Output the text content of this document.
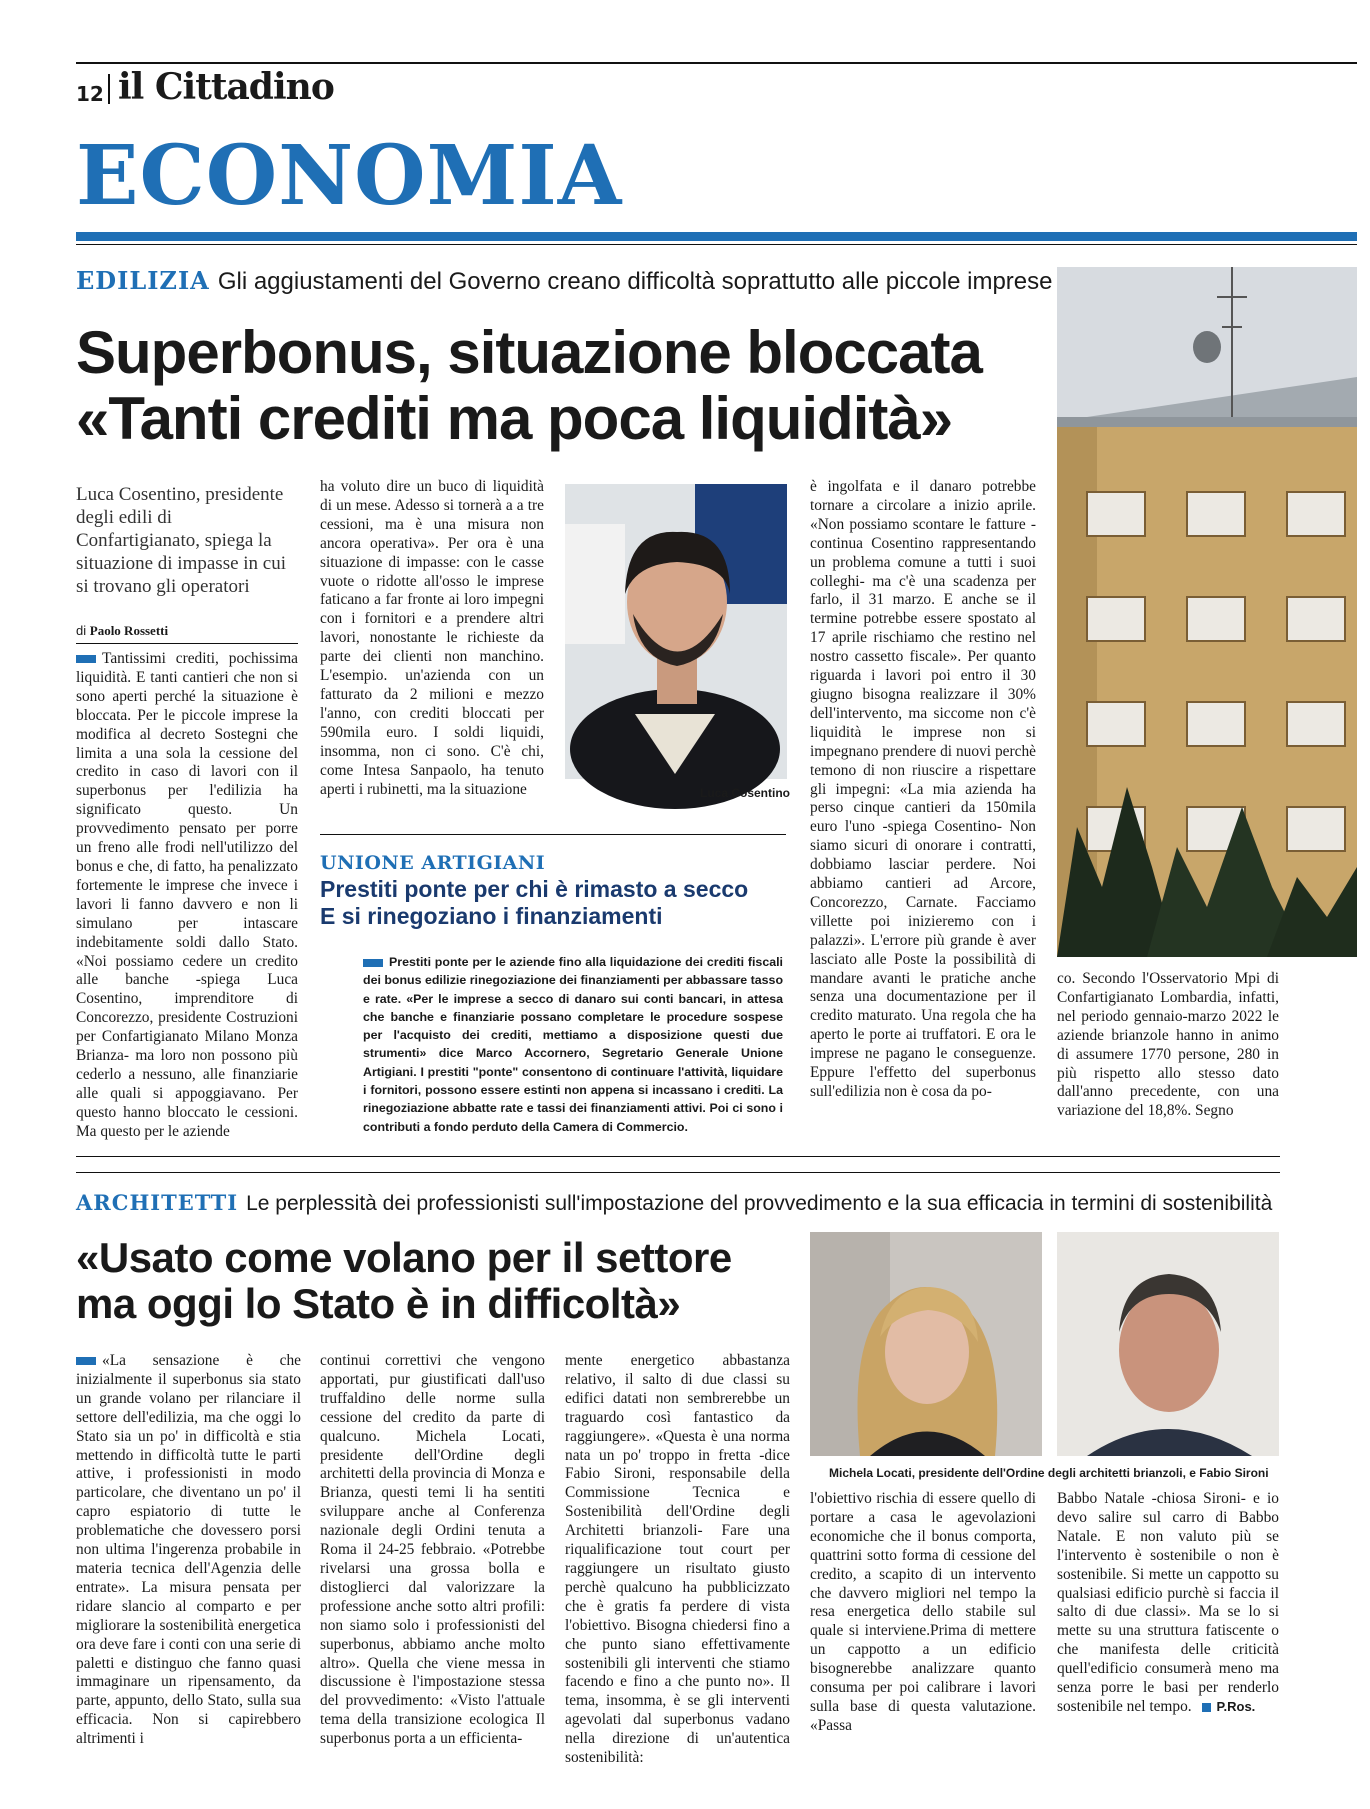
12 il Cittadino
ECONOMIA
EDILIZIA Gli aggiustamenti del Governo creano difficoltà soprattutto alle piccole imprese
Superbonus, situazione bloccata
«Tanti crediti ma poca liquidità»
Luca Cosentino, presidente degli edili di Confartigianato, spiega la situazione di impasse in cui si trovano gli operatori
di Paolo Rossetti
Tantissimi crediti, pochissima liquidità. E tanti cantieri che non si sono aperti perché la situazione è bloccata. Per le piccole imprese la modifica al decreto Sostegni che limita a una sola la cessione del credito in caso di lavori con il superbonus per l'edilizia ha significato questo. Un provvedimento pensato per porre un freno alle frodi nell'utilizzo del bonus e che, di fatto, ha penalizzato fortemente le imprese che invece i lavori li fanno davvero e non li simulano per intascare indebitamente soldi dallo Stato. «Noi possiamo cedere un credito alle banche -spiega Luca Cosentino, imprenditore di Concorezzo, presidente Costruzioni per Confartigianato Milano Monza Brianza- ma loro non possono più cederlo a nessuno, alle finanziarie alle quali si appoggiavano. Per questo hanno bloccato le cessioni. Ma questo per le aziende
ha voluto dire un buco di liquidità di un mese. Adesso si tornerà a a tre cessioni, ma è una misura non ancora operativa». Per ora è una situazione di impasse: con le casse vuote o ridotte all'osso le imprese faticano a far fronte ai loro impegni con i fornitori e a prendere altri lavori, nonostante le richieste da parte dei clienti non manchino. L'esempio. un'azienda con un fatturato da 2 milioni e mezzo l'anno, con crediti bloccati per 590mila euro. I soldi liquidi, insomma, non ci sono. C'è chi, come Intesa Sanpaolo, ha tenuto aperti i rubinetti, ma la situazione	Luca Cosentino
è ingolfata e il danaro potrebbe tornare a circolare a inizio aprile. «Non possiamo scontare le fatture -continua Cosentino rappresentando un problema comune a tutti i suoi colleghi- ma c'è una scadenza per farlo, il 31 marzo. E anche se il termine potrebbe essere spostato al 17 aprile rischiamo che restino nel nostro cassetto fiscale». Per quanto riguarda i lavori poi entro il 30 giugno bisogna realizzare il 30% dell'intervento, ma siccome non c'è liquidità le imprese non si impegnano prendere di nuovi perchè temono di non riuscire a rispettare gli impegni: «La mia azienda ha perso cinque cantieri da 150mila euro l'uno -spiega Cosentino- Non siamo sicuri di onorare i contratti, dobbiamo lasciar perdere. Noi abbiamo cantieri ad Arcore, Concorezzo, Carnate. Facciamo villette poi inizieremo con i palazzi». L'errore più grande è aver lasciato alle Poste la possibilità di mandare avanti le pratiche anche senza una documentazione per il credito maturato. Una regola che ha aperto le porte ai truffatori. E ora le imprese ne pagano le conseguenze. Eppure l'effetto del superbonus sull'edilizia non è cosa da po-
co. Secondo l'Osservatorio Mpi di Confartigianato Lombardia, infatti, nel periodo gennaio-marzo 2022 le aziende brianzole hanno in animo di assumere 1770 persone, 280 in più rispetto allo stesso dato dall'anno precedente, con una variazione del 18,8%. Segno
UNIONE ARTIGIANI
Prestiti ponte per chi è rimasto a secco
E si rinegoziano i finanziamenti
Prestiti ponte per le aziende fino alla liquidazione dei crediti fiscali dei bonus edilizie rinegoziazione dei finanziamenti per abbassare tasso e rate. «Per le imprese a secco di danaro sui conti bancari, in attesa che banche e finanziarie possano completare le procedure sospese per l'acquisto dei crediti, mettiamo a disposizione questi due strumenti» dice Marco Accornero, Segretario Generale Unione Artigiani. I prestiti "ponte" consentono di continuare l'attività, liquidare i fornitori, possono essere estinti non appena si incassano i crediti. La rinegoziazione abbatte rate e tassi dei finanziamenti attivi. Poi ci sono i contributi a fondo perduto della Camera di Commercio.
ARCHITETTI Le perplessità dei professionisti sull'impostazione del provvedimento e la sua efficacia in termini di sostenibilità
«Usato come volano per il settore
ma oggi lo Stato è in difficoltà»
«La sensazione è che inizialmente il superbonus sia stato un grande volano per rilanciare il settore dell'edilizia, ma che oggi lo Stato sia un po' in difficoltà e stia mettendo in difficoltà tutte le parti attive, i professionisti in modo particolare, che diventano un po' il capro espiatorio di tutte le problematiche che dovessero porsi non ultima l'ingerenza probabile in materia tecnica dell'Agenzia delle entrate». La misura pensata per ridare slancio al comparto e per migliorare la sostenibilità energetica ora deve fare i conti con una serie di paletti e distinguo che fanno quasi immaginare un ripensamento, da parte, appunto, dello Stato, sulla sua efficacia. Non si capirebbero altrimenti i
continui correttivi che vengono apportati, pur giustificati dall'uso truffaldino delle norme sulla cessione del credito da parte di qualcuno. Michela Locati, presidente dell'Ordine degli architetti della provincia di Monza e Brianza, questi temi li ha sentiti sviluppare anche al Conferenza nazionale degli Ordini tenuta a Roma il 24-25 febbraio. «Potrebbe rivelarsi una grossa bolla e distoglierci dal valorizzare la professione anche sotto altri profili: non siamo solo i professionisti del superbonus, abbiamo anche molto altro». Quella che viene messa in discussione è l'impostazione stessa del provvedimento: «Visto l'attuale tema della transizione ecologica Il superbonus porta a un efficienta-
mente energetico abbastanza relativo, il salto di due classi su edifici datati non sembrerebbe un traguardo così fantastico da raggiungere». «Questa è una norma nata un po' troppo in fretta -dice Fabio Sironi, responsabile della Commissione Tecnica e Sostenibilità dell'Ordine degli Architetti brianzoli- Fare una riqualificazione tout court per raggiungere un risultato giusto perchè qualcuno ha pubblicizzato che è gratis fa perdere di vista l'obiettivo. Bisogna chiedersi fino a che punto siano effettivamente sostenibili gli interventi che stiamo facendo e fino a che punto no». Il tema, insomma, è se gli interventi agevolati dal superbonus vadano nella direzione di un'autentica sostenibilità:
Michela Locati, presidente dell'Ordine degli architetti brianzoli, e Fabio Sironi
l'obiettivo rischia di essere quello di portare a casa le agevolazioni economiche che il bonus comporta, quattrini sotto forma di cessione del credito, a scapito di un intervento che davvero migliori nel tempo la resa energetica dello stabile sul quale si interviene.Prima di mettere un cappotto a un edificio bisognerebbe analizzare quanto consuma per poi calibrare i lavori sulla base di questa valutazione. «Passa
Babbo Natale -chiosa Sironi- e io devo salire sul carro di Babbo Natale. E non valuto più se l'intervento è sostenibile o non è sostenibile. Si mette un cappotto su qualsiasi edificio purchè si faccia il salto di due classi». Ma se lo si mette su una struttura fatiscente o che manifesta delle criticità quell'edificio consumerà meno ma senza porre le basi per renderlo sostenibile nel tempo. P.Ros.
